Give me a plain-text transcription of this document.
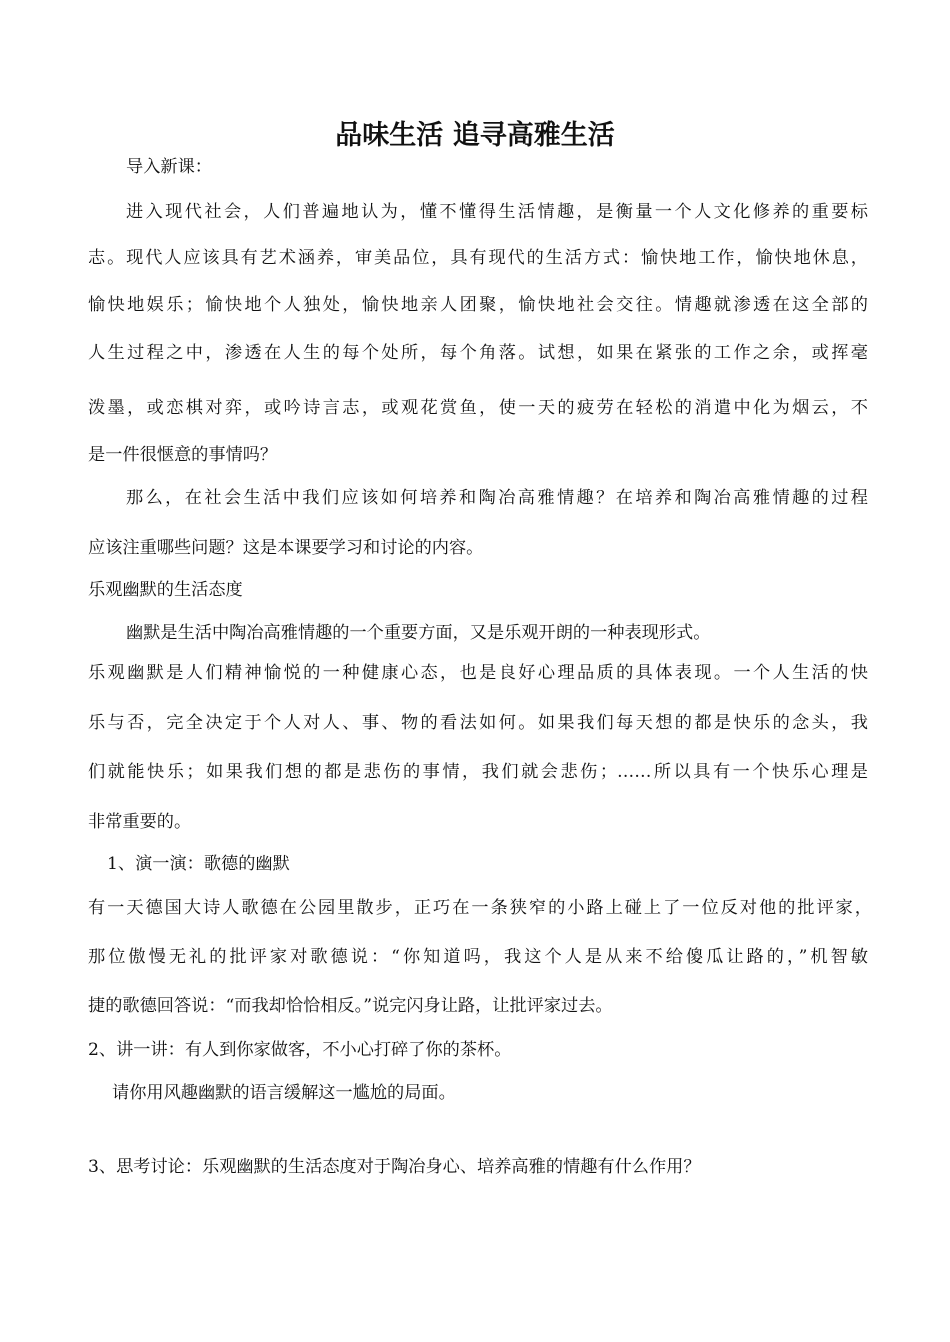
品味生活 追寻高雅生活

导入新课：

进入现代社会，人们普遍地认为，懂不懂得生活情趣，是衡量一个人文化修养的重要标

志。现代人应该具有艺术涵养，审美品位，具有现代的生活方式：愉快地工作，愉快地休息，

愉快地娱乐；愉快地个人独处，愉快地亲人团聚，愉快地社会交往。情趣就渗透在这全部的

人生过程之中，渗透在人生的每个处所，每个角落。试想，如果在紧张的工作之余，或挥毫

泼墨，或恋棋对弈，或吟诗言志，或观花赏鱼，使一天的疲劳在轻松的消遣中化为烟云，不

是一件很惬意的事情吗？

那么，在社会生活中我们应该如何培养和陶冶高雅情趣？在培养和陶冶高雅情趣的过程

应该注重哪些问题？这是本课要学习和讨论的内容。

乐观幽默的生活态度

幽默是生活中陶冶高雅情趣的一个重要方面，又是乐观开朗的一种表现形式。

乐观幽默是人们精神愉悦的一种健康心态，也是良好心理品质的具体表现。一个人生活的快

乐与否，完全决定于个人对人、事、物的看法如何。如果我们每天想的都是快乐的念头，我

们就能快乐；如果我们想的都是悲伤的事情，我们就会悲伤；……所以具有一个快乐心理是

非常重要的。

1、演一演：歌德的幽默

有一天德国大诗人歌德在公园里散步，正巧在一条狭窄的小路上碰上了一位反对他的批评家，

那位傲慢无礼的批评家对歌德说：“你知道吗，我这个人是从来不给傻瓜让路的，”机智敏

捷的歌德回答说：“而我却恰恰相反。”说完闪身让路，让批评家过去。

2、讲一讲：有人到你家做客，不小心打碎了你的茶杯。

请你用风趣幽默的语言缓解这一尴尬的局面。

3、思考讨论：乐观幽默的生活态度对于陶冶身心、培养高雅的情趣有什么作用？
